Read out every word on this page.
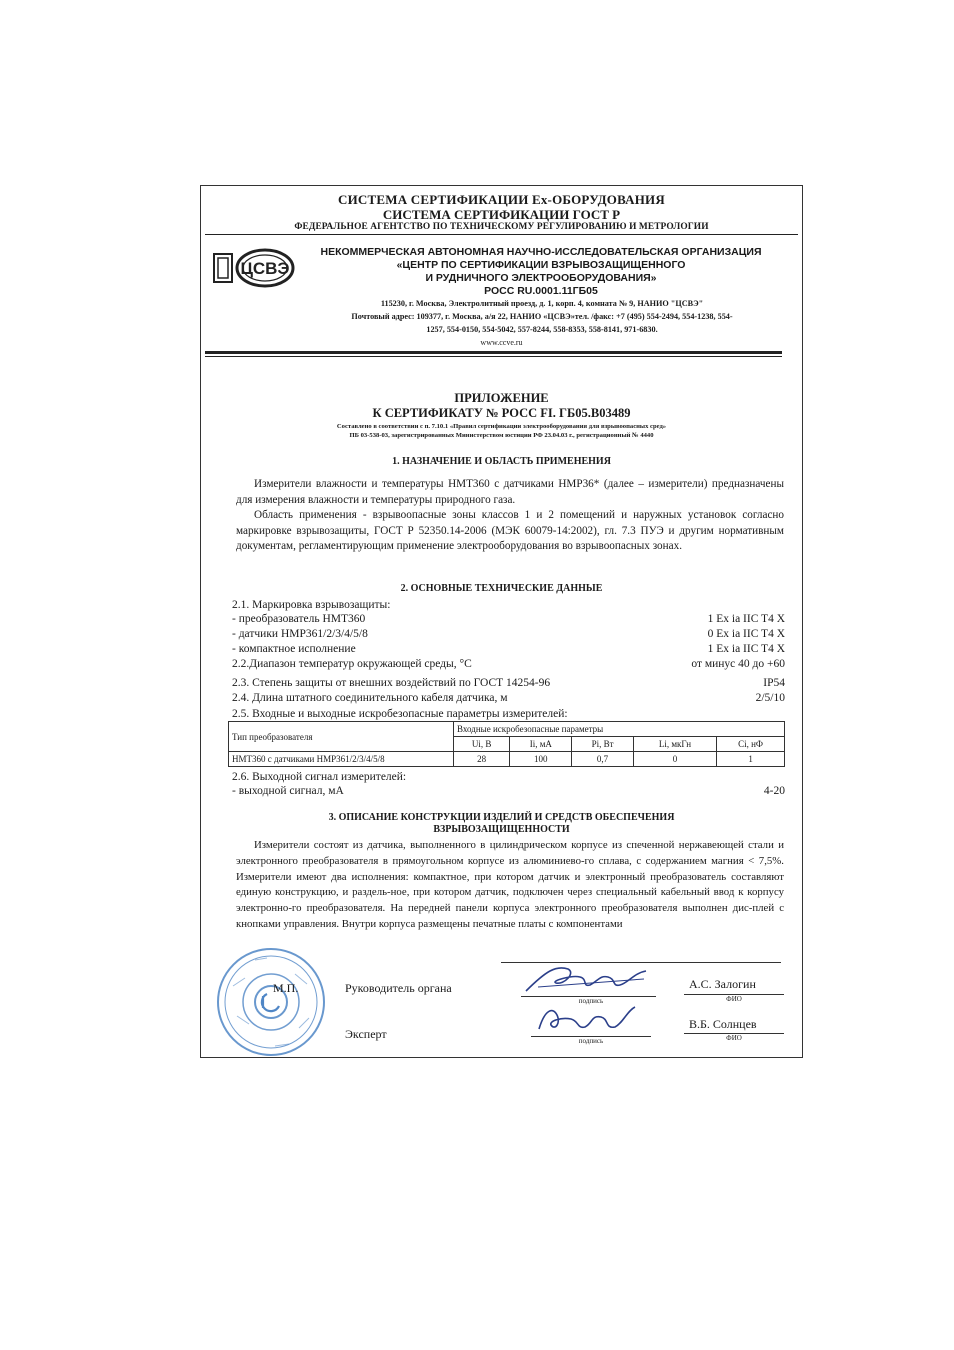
СИСТЕМА СЕРТИФИКАЦИИ Ex-ОБОРУДОВАНИЯ
СИСТЕМА СЕРТИФИКАЦИИ ГОСТ Р
ФЕДЕРАЛЬНОЕ АГЕНТСТВО ПО ТЕХНИЧЕСКОМУ РЕГУЛИРОВАНИЮ И МЕТРОЛОГИИ
ЦСВЭ
НЕКОММЕРЧЕСКАЯ АВТОНОМНАЯ НАУЧНО-ИССЛЕДОВАТЕЛЬСКАЯ ОРГАНИЗАЦИЯ
«ЦЕНТР ПО СЕРТИФИКАЦИИ ВЗРЫВОЗАЩИЩЕННОГО
И РУДНИЧНОГО ЭЛЕКТРООБОРУДОВАНИЯ»
РОСС RU.0001.11ГБ05
115230, г. Москва, Электролитный проезд, д. 1, корп. 4, комната № 9, НАНИО "ЦСВЭ"
Почтовый адрес: 109377, г. Москва, а/я 22, НАНИО «ЦСВЭ»тел. /факс: +7 (495) 554-2494, 554-1238, 554-
1257, 554-0150, 554-5042, 557-8244, 558-8353, 558-8141, 971-6830.
www.ccve.ru
ПРИЛОЖЕНИЕ
К СЕРТИФИКАТУ № РОСС FI. ГБ05.В03489
Составлено в соответствии с п. 7.10.1 «Правил сертификации электрооборудования для взрывоопасных сред»
ПБ 03-538-03, зарегистрированных Министерством юстиции РФ 23.04.03 г., регистрационный № 4440
1. НАЗНАЧЕНИЕ И ОБЛАСТЬ ПРИМЕНЕНИЯ

Измерители влажности и температуры HMT360 с датчиками HMP36* (далее – измерители) предназначены для измерения влажности и температуры природного газа.

Область применения - взрывоопасные зоны классов 1 и 2 помещений и наружных установок согласно маркировке взрывозащиты, ГОСТ Р 52350.14-2006 (МЭК 60079-14:2002), гл. 7.3 ПУЭ и другим нормативным документам, регламентирующим применение электрооборудования во взрывоопасных зонах.

2. ОСНОВНЫЕ ТЕХНИЧЕСКИЕ ДАННЫЕ
2.1. Маркировка взрывозащиты:
- преобразователь HMT360	1 Ex ia IIC T4 X
- датчики HMP361/2/3/4/5/8	0 Ex ia IIC T4 X
- компактное исполнение	1 Ex ia IIC T4 X
2.2.Диапазон температур окружающей среды, °С	от минус 40 до +60
2.3. Степень защиты от внешних воздействий по ГОСТ 14254-96	IP54
2.4. Длина штатного соединительного кабеля датчика, м	2/5/10
2.5. Входные и выходные искробезопасные параметры измерителей:
Тип преобразователя	Входные искробезопасные параметры				
	Ui, В	Ii, мА	Pi, Вт	Li, мкГн	Ci, нФ
HMT360 с датчиками HMP361/2/3/4/5/8	28	100	0,7	0	1
2.6. Выходной сигнал измерителей:
- выходной сигнал, мА	4-20
3. ОПИСАНИЕ КОНСТРУКЦИИ ИЗДЕЛИЙ И СРЕДСТВ ОБЕСПЕЧЕНИЯ
ВЗРЫВОЗАЩИЩЕННОСТИ

Измерители состоят из датчика, выполненного в цилиндрическом корпусе из спеченной нержавеющей стали и электронного преобразователя в прямоугольном корпусе из алюминиево-го сплава, с содержанием магния < 7,5%. Измерители имеют два исполнения: компактное, при котором датчик и электронный преобразователь составляют единую конструкцию, и раздель-ное, при котором датчик, подключен через специальный кабельный ввод к корпусу электронно-го преобразователя. На передней панели корпуса электронного преобразователя выполнен дис-плей с кнопками управления. Внутри корпуса размещены печатные платы с компонентами

М.П.	Руководитель органа
Эксперт
подпись
А.С. Залогин
ФИО
подпись
В.Б. Солнцев
ФИО
